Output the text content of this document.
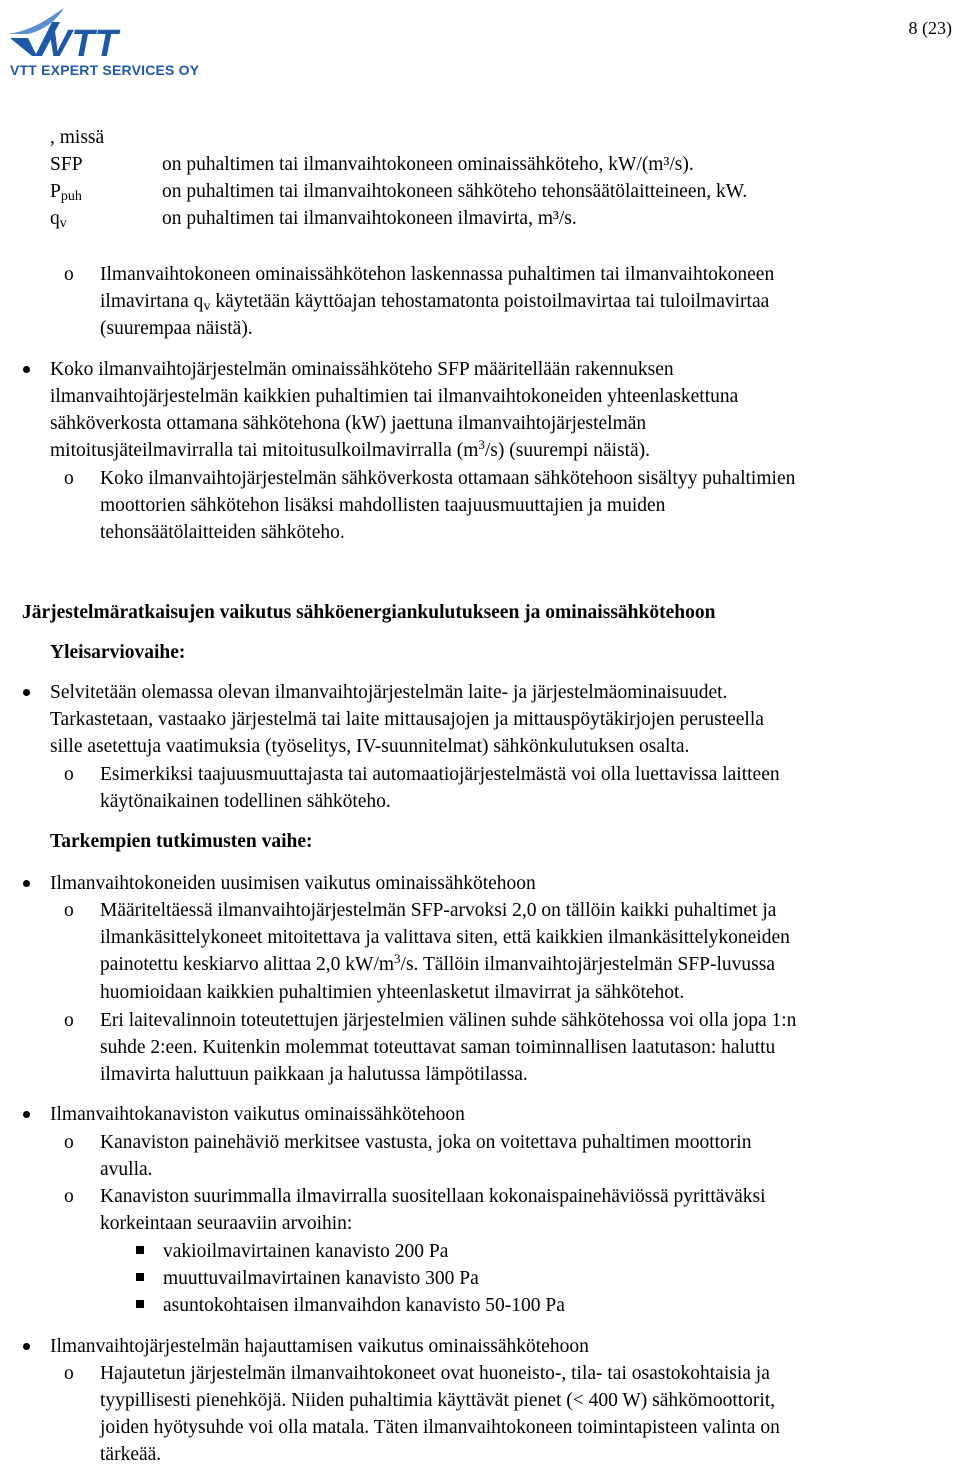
VTT
VTT EXPERT SERVICES OY
8 (23)
, missä
SFP	on puhaltimen tai ilmanvaihtokoneen ominaissähköteho, kW/(m³/s).
$P_{puh}$	on puhaltimen tai ilmanvaihtokoneen sähköteho tehonsäätölaitteineen, kW.
$q_v$	on puhaltimen tai ilmanvaihtokoneen ilmavirta, m³/s.
o Ilmanvaihtokoneen ominaissähkötehon laskennassa puhaltimen tai ilmanvaihtokoneen
ilmavirtana $q_v$ käytetään käyttöajan tehostamatonta poistoilmavirtaa tai tuloilmavirtaa
(suurempaa näistä).
Koko ilmanvaihtojärjestelmän ominaissähköteho SFP määritellään rakennuksen
ilmanvaihtojärjestelmän kaikkien puhaltimien tai ilmanvaihtokoneiden yhteenlaskettuna
sähköverkosta ottamana sähkötehona (kW) jaettuna ilmanvaihtojärjestelmän
mitoitusjäteilmavirralla tai mitoitusulkoilmavirralla $(m^3/s)$ (suurempi näistä).
o Koko ilmanvaihtojärjestelmän sähköverkosta ottamaan sähkötehoon sisältyy puhaltimien
moottorien sähkötehon lisäksi mahdollisten taajuusmuuttajien ja muiden
tehonsäätölaitteiden sähköteho.
Järjestelmäratkaisujen vaikutus sähköenergiankulutukseen ja ominaissähkötehoon
Yleisarviovaihe:
Selvitetään olemassa olevan ilmanvaihtojärjestelmän laite- ja järjestelmäominaisuudet.
Tarkastetaan, vastaako järjestelmä tai laite mittausajojen ja mittauspöytäkirjojen perusteella
sille asetettuja vaatimuksia (työselitys, IV-suunnitelmat) sähkönkulutuksen osalta.
o Esimerkiksi taajuusmuuttajasta tai automaatiojärjestelmästä voi olla luettavissa laitteen
käytönaikainen todellinen sähköteho.
Tarkempien tutkimusten vaihe:
Ilmanvaihtokoneiden uusimisen vaikutus ominaissähkötehoon
o Määriteltäessä ilmanvaihtojärjestelmän SFP-arvoksi 2,0 on tällöin kaikki puhaltimet ja
ilmankäsittelykoneet mitoitettava ja valittava siten, että kaikkien ilmankäsittelykoneiden
painotettu keskiarvo alittaa 2,0 $kW/m^3/s$. Tällöin ilmanvaihtojärjestelmän SFP-luvussa
huomioidaan kaikkien puhaltimien yhteenlasketut ilmavirrat ja sähkötehot.
o Eri laitevalinnoin toteutettujen järjestelmien välinen suhde sähkötehossa voi olla jopa 1:n
suhde 2:een. Kuitenkin molemmat toteuttavat saman toiminnallisen laatutason: haluttu
ilmavirta haluttuun paikkaan ja halutussa lämpötilassa.
Ilmanvaihtokanaviston vaikutus ominaissähkötehoon
o Kanaviston painehäviö merkitsee vastusta, joka on voitettava puhaltimen moottorin
avulla.
o Kanaviston suurimmalla ilmavirralla suositellaan kokonaispainehäviössä pyrittäväksi
korkeintaan seuraaviin arvoihin:
vakioilmavirtainen kanavisto 200 Pa
muuttuvailmavirtainen kanavisto 300 Pa
asuntokohtaisen ilmanvaihdon kanavisto 50-100 Pa
Ilmanvaihtojärjestelmän hajauttamisen vaikutus ominaissähkötehoon
o Hajautetun järjestelmän ilmanvaihtokoneet ovat huoneisto-, tila- tai osastokohtaisia ja
tyypillisesti pienehköjä. Niiden puhaltimia käyttävät pienet (< 400 W) sähkömoottorit,
joiden hyötysuhde voi olla matala. Täten ilmanvaihtokoneen toimintapisteen valinta on
tärkeää.
